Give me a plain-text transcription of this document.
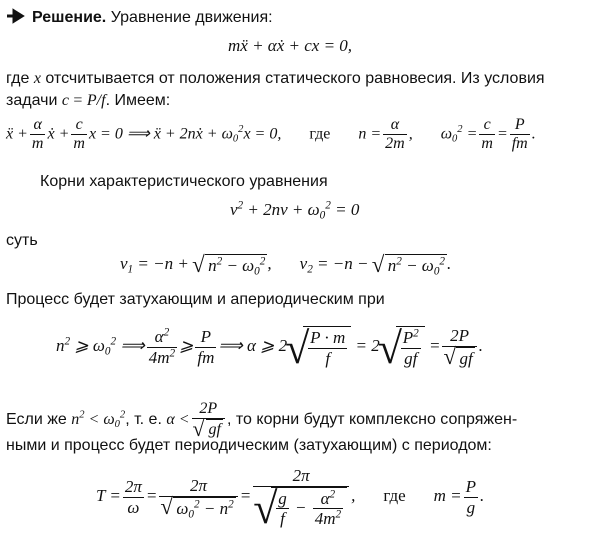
Решение. Уравнение движения:
mẍ + αẋ + cx = 0,
где x отсчитывается от положения статического равновесия. Из условия
задачи c = P/f. Имеем:
ẍ + $\frac{\alpha}{m}$ ẋ + $\frac{c}{m}$ x = 0 ⟹ ẍ + 2nẋ + $\omega_0^2x = 0$, где $n = \frac{\alpha}{2m}$ , $\omega_0^2 = \frac{c}{m} = \frac{P}{fm}$ .
Корни характеристического уравнения
$\nu^2 + 2n\nu + \omega_0^2 = 0$
суть
$\nu_1 = -n$ + √ $n^2 - \omega_0^2$ , $\nu_2 = -n$ − √ $n^2 - \omega_0^2$ .
Процесс будет затухающим и апериодическим при
$n^2$ ⩾ $\omega_0^2$ ⟹ $\frac{\alpha^2}{4m^2}$ ⩾ $\frac{P}{fm}$ ⟹ α ⩾ 2 √ $\frac{P \cdot m}{f} = 2$ √ $\frac{P^2}{gf} = 2P$
√ gf .
Если же $n^2 < \omega_0^2$, т. е. α < 2P
√ gf , то корни будут комплексно сопряжен-
ными и процесс будет периодическим (затухающим) с периодом:
$T = \frac{2\pi}{\omega} = 2\pi$
√ $\omega_0^2 - n^2 = 2\pi$
√ $\frac{g}{f} - \frac{\alpha^2}{4m^2}$ , где $m = \frac{P}{g}$ .
